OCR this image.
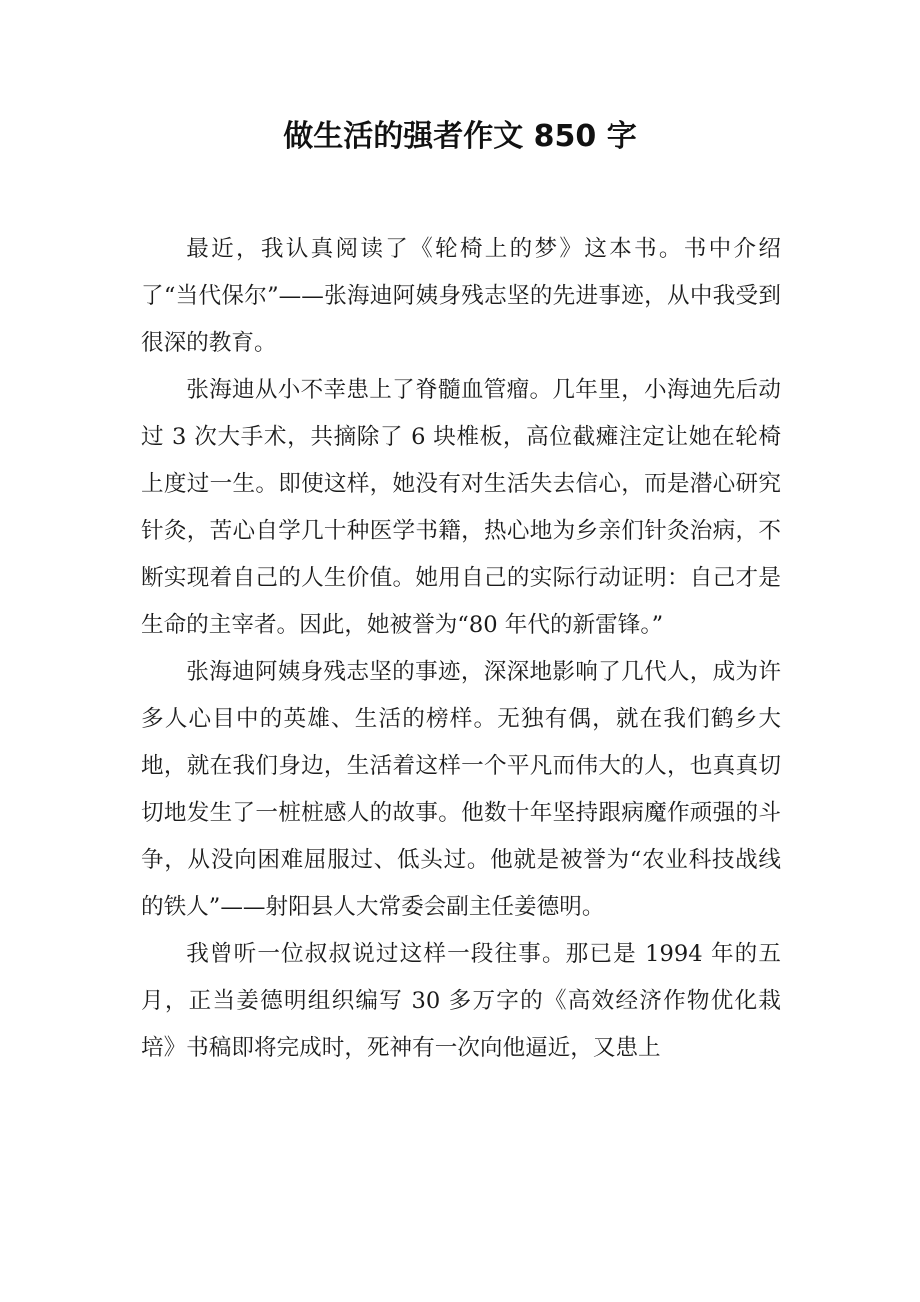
做生活的强者作文 850 字

最近，我认真阅读了《轮椅上的梦》这本书。书中介绍了“当代保尔”——张海迪阿姨身残志坚的先进事迹，从中我受到很深的教育。

张海迪从小不幸患上了脊髓血管瘤。几年里，小海迪先后动过 3 次大手术，共摘除了 6 块椎板，高位截瘫注定让她在轮椅上度过一生。即使这样，她没有对生活失去信心，而是潜心研究针灸，苦心自学几十种医学书籍，热心地为乡亲们针灸治病，不断实现着自己的人生价值。她用自己的实际行动证明：自己才是生命的主宰者。因此，她被誉为“80 年代的新雷锋。”

张海迪阿姨身残志坚的事迹，深深地影响了几代人，成为许多人心目中的英雄、生活的榜样。无独有偶，就在我们鹤乡大地，就在我们身边，生活着这样一个平凡而伟大的人，也真真切切地发生了一桩桩感人的故事。他数十年坚持跟病魔作顽强的斗争，从没向困难屈服过、低头过。他就是被誉为“农业科技战线的铁人”——射阳县人大常委会副主任姜德明。

我曾听一位叔叔说过这样一段往事。那已是 1994 年的五月，正当姜德明组织编写 30 多万字的《高效经济作物优化栽培》书稿即将完成时，死神有一次向他逼近，又患上
